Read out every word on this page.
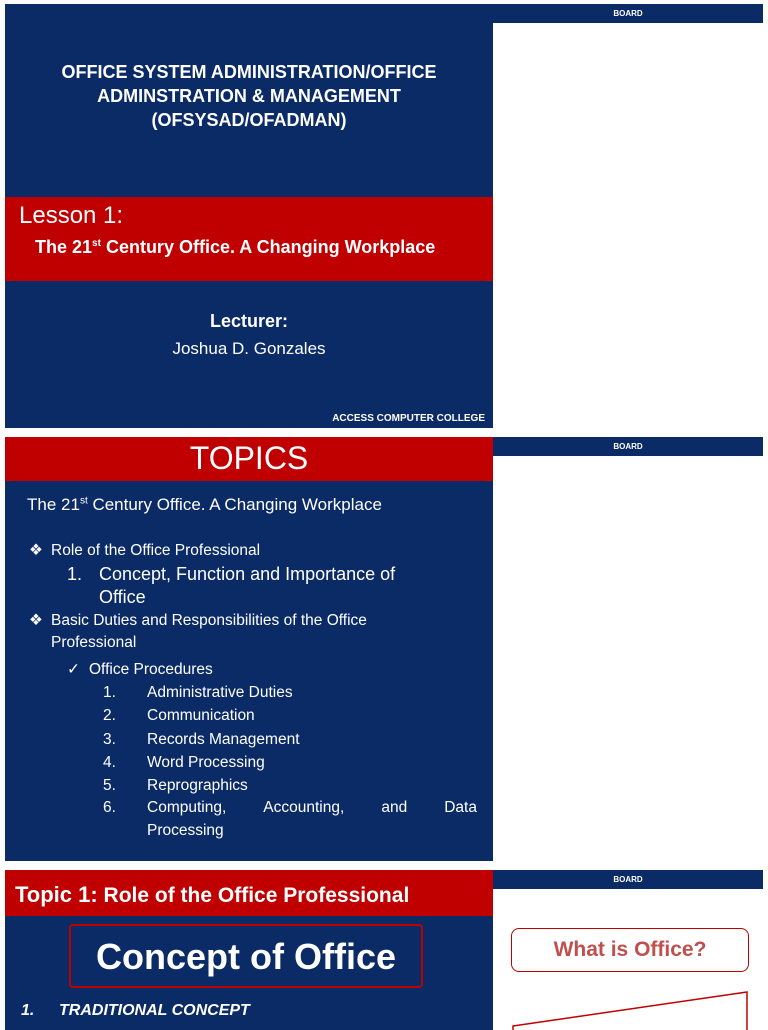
OFFICE SYSTEM ADMINISTRATION/OFFICE
ADMINSTRATION & MANAGEMENT
(OFSYSAD/OFADMAN)
Lesson 1:
The 21st Century Office. A Changing Workplace
Lecturer:
Joshua D. Gonzales
ACCESS COMPUTER COLLEGE
BOARD
TOPICS
The 21st Century Office. A Changing Workplace
❖ Role of the Office Professional
1. Concept, Function and Importance of
Office
❖ Basic Duties and Responsibilities of the Office
Professional
✓ Office Procedures
1. Administrative Duties
2. Communication
3. Records Management
4. Word Processing
5. Reprographics
6. Computing, Accounting, and Data
Processing
BOARD
Topic 1: Role of the Office Professional
Concept of Office
1. TRADITIONAL CONCEPT
BOARD
What is Office?
